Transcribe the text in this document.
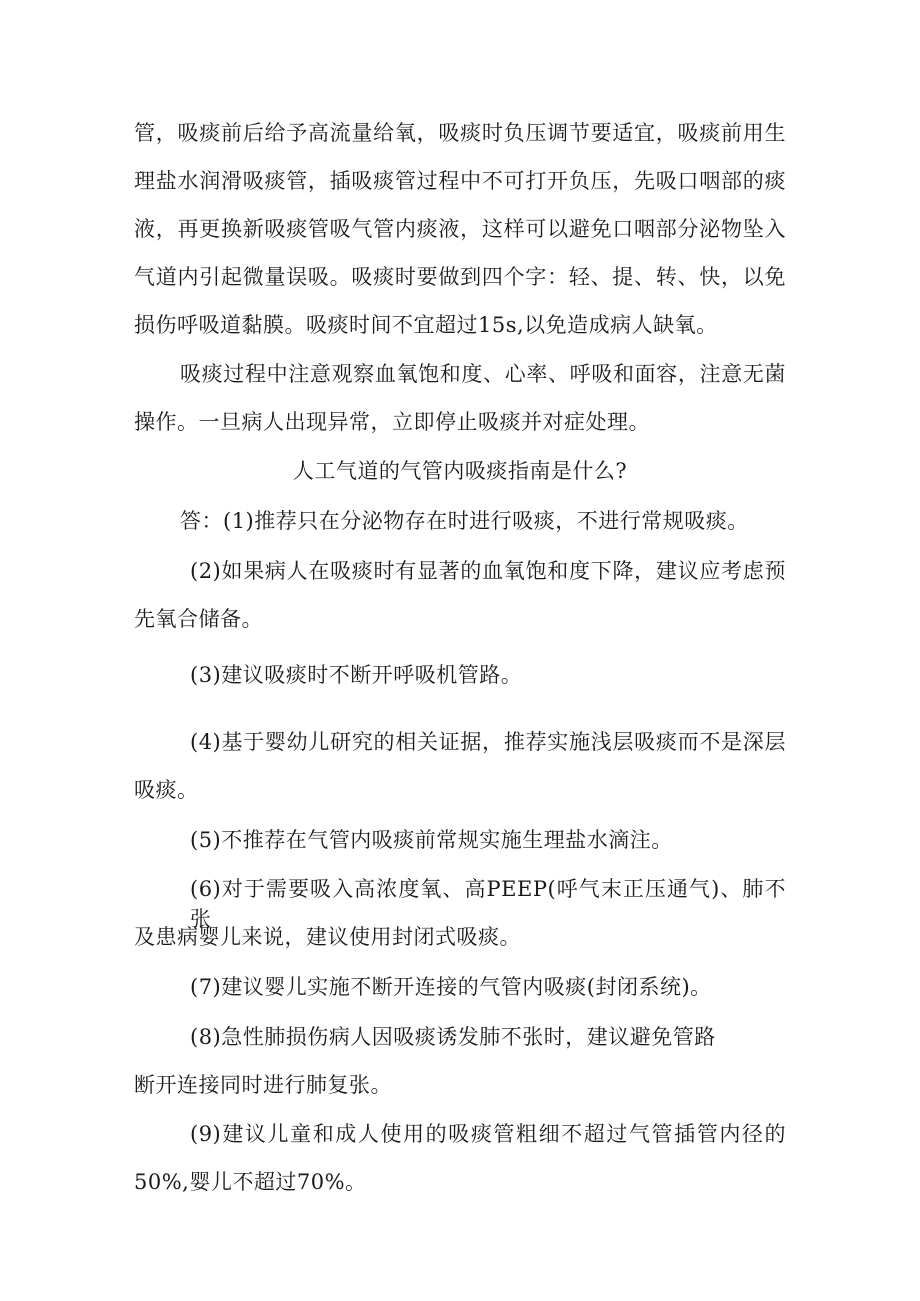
管，吸痰前后给予高流量给氧，吸痰时负压调节要适宜，吸痰前用生

理盐水润滑吸痰管，插吸痰管过程中不可打开负压，先吸口咽部的痰

液，再更换新吸痰管吸气管内痰液，这样可以避免口咽部分泌物坠入

气道内引起微量误吸。吸痰时要做到四个字：轻、提、转、快，以免

损伤呼吸道黏膜。吸痰时间不宜超过15s,以免造成病人缺氧。

吸痰过程中注意观察血氧饱和度、心率、呼吸和面容，注意无菌

操作。一旦病人出现异常，立即停止吸痰并对症处理。

人工气道的气管内吸痰指南是什么?

答：(1)推荐只在分泌物存在时进行吸痰，不进行常规吸痰。

(2)如果病人在吸痰时有显著的血氧饱和度下降，建议应考虑预

先氧合储备。

(3)建议吸痰时不断开呼吸机管路。

(4)基于婴幼儿研究的相关证据，推荐实施浅层吸痰而不是深层

吸痰。

(5)不推荐在气管内吸痰前常规实施生理盐水滴注。

(6)对于需要吸入高浓度氧、高PEEP(呼气末正压通气)、肺不张

及患病婴儿来说，建议使用封闭式吸痰。

(7)建议婴儿实施不断开连接的气管内吸痰(封闭系统)。

(8)急性肺损伤病人因吸痰诱发肺不张时，建议避免管路

断开连接同时进行肺复张。

(9)建议儿童和成人使用的吸痰管粗细不超过气管插管内径的

50%,婴儿不超过70%。
